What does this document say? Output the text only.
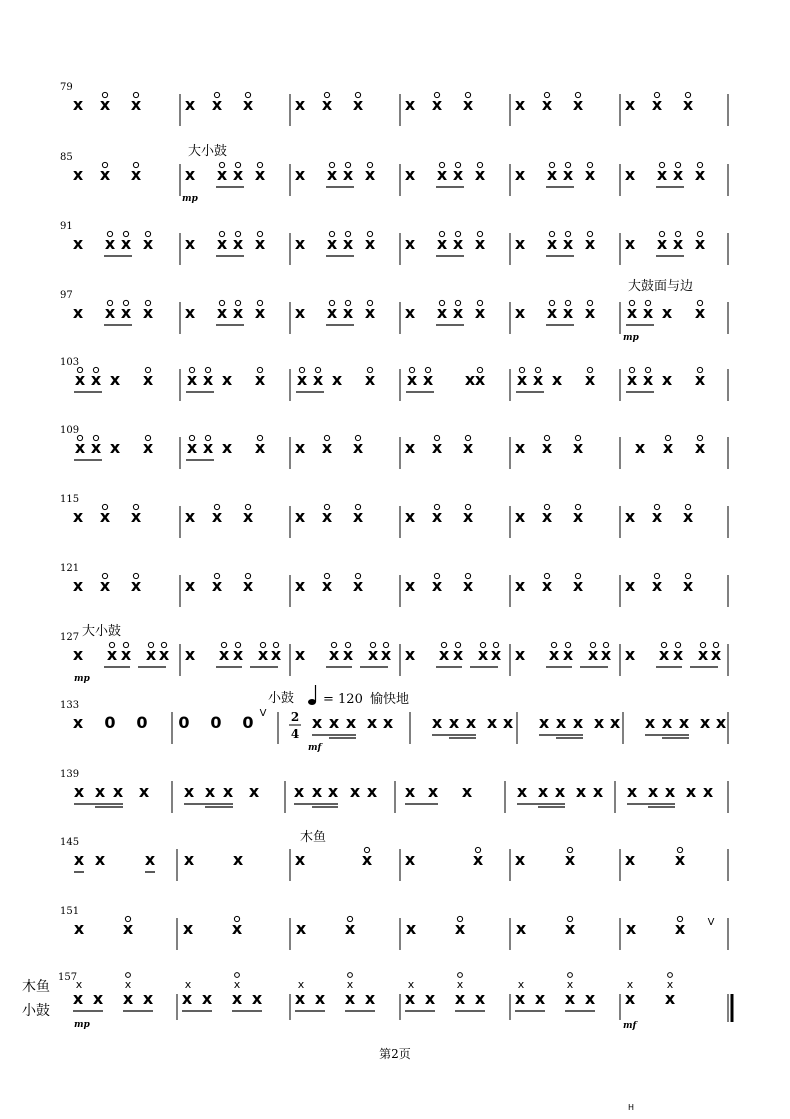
79
x x x	x x x	x x x	x x x	x x x	x x x
85
x x x	x x x x x x x x x x x x x x x x x x x x
大小鼓
mp
91
x x x x x x x x x x x x x x x x x x x x x x x x
97
x x x x x x x x x x x x x x x x x x x x x x x x
大鼓面与边
mp
103
x x x x x x x x x x x x x x x x x x x x x x x x
109
x x x x x x x x x x x	x x x	x x x	x x x
115
x x x	x x x	x x x	x x x	x x x	x x x
121
x x x	x x x	x x x	x x x	x x x	x x x
127
x x x x x x x x x x x x x x x x x x x x x x x x x x x x x x
大小鼓
mp
133
x 0 0 0 0 0 V 2
4
小鼓 = 120 愉快地
mf
x x x x x x x x x x x x x x x x x x x x
139
x x x x x x x x x x x x x x x x	x x x x x x x x x x
145
x x x x x	x	x x	x x x	x x
木鱼
151
x x	x x	x x	x x	x x	x x V
木鱼
小鼓
157
x	x
x x x x
x	x
x x x x
x	x
x x x x
x	x
x x x x
x	x
x x x x
x	x
x x
mp	mf
第2页
H
